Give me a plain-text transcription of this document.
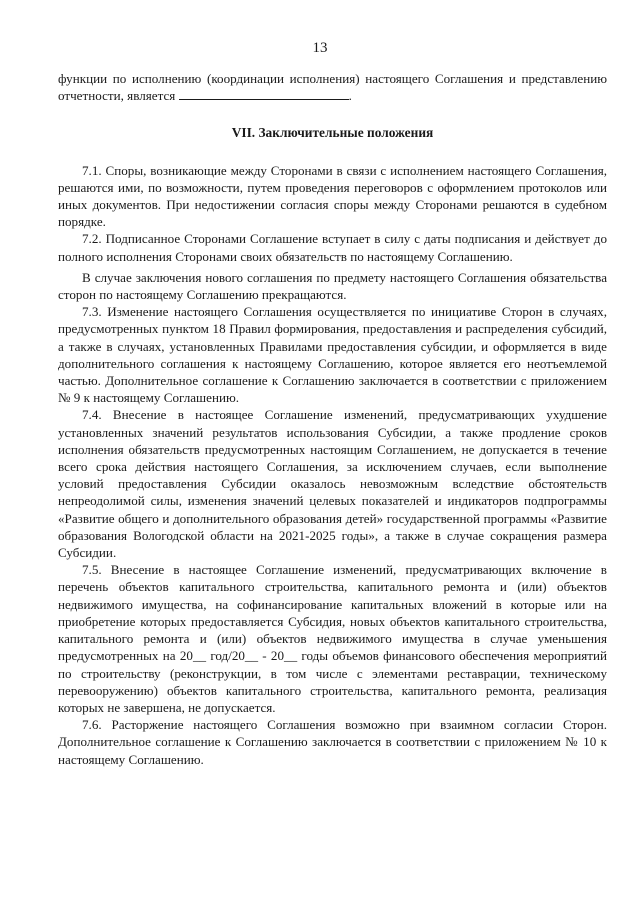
13

функции по исполнению (координации исполнения) настоящего Соглашения и представлению отчетности, является	.

VII. Заключительные положения

7.1. Споры, возникающие между Сторонами в связи с исполнением настоящего Соглашения, решаются ими, по возможности, путем проведения переговоров с оформлением протоколов или иных документов. При недостижении согласия споры между Сторонами решаются в судебном порядке.

7.2. Подписанное Сторонами Соглашение вступает в силу с даты подписания и действует до полного исполнения Сторонами своих обязательств по настоящему Соглашению.

В случае заключения нового соглашения по предмету настоящего Соглашения обязательства сторон по настоящему Соглашению прекращаются.

7.3. Изменение настоящего Соглашения осуществляется по инициативе Сторон в случаях, предусмотренных пунктом 18 Правил формирования, предоставления и распределения субсидий, а также в случаях, установленных Правилами предоставления субсидии, и оформляется в виде дополнительного соглашения к настоящему Соглашению, которое является его неотъемлемой частью. Дополнительное соглашение к Соглашению заключается в соответствии с приложением № 9 к настоящему Соглашению.

7.4. Внесение в настоящее Соглашение изменений, предусматривающих ухудшение установленных значений результатов использования Субсидии, а также продление сроков исполнения обязательств предусмотренных настоящим Соглашением, не допускается в течение всего срока действия настоящего Соглашения, за исключением случаев, если выполнение условий предоставления Субсидии оказалось невозможным вследствие обстоятельств непреодолимой силы, изменения значений целевых показателей и индикаторов подпрограммы «Развитие общего и дополнительного образования детей» государственной программы «Развитие образования Вологодской области на 2021-2025 годы», а также в случае сокращения размера Субсидии.

7.5. Внесение в настоящее Соглашение изменений, предусматривающих включение в перечень объектов капитального строительства, капитального ремонта и (или) объектов недвижимого имущества, на софинансирование капитальных вложений в которые или на приобретение которых предоставляется Субсидия, новых объектов капитального строительства, капитального ремонта и (или) объектов недвижимого имущества в случае уменьшения предусмотренных на 20__ год/20__ - 20__ годы объемов финансового обеспечения мероприятий по строительству (реконструкции, в том числе с элементами реставрации, техническому перевооружению) объектов капитального строительства, капитального ремонта, реализация которых не завершена, не допускается.

7.6. Расторжение настоящего Соглашения возможно при взаимном согласии Сторон. Дополнительное соглашение к Соглашению заключается в соответствии с приложением № 10 к настоящему Соглашению.
